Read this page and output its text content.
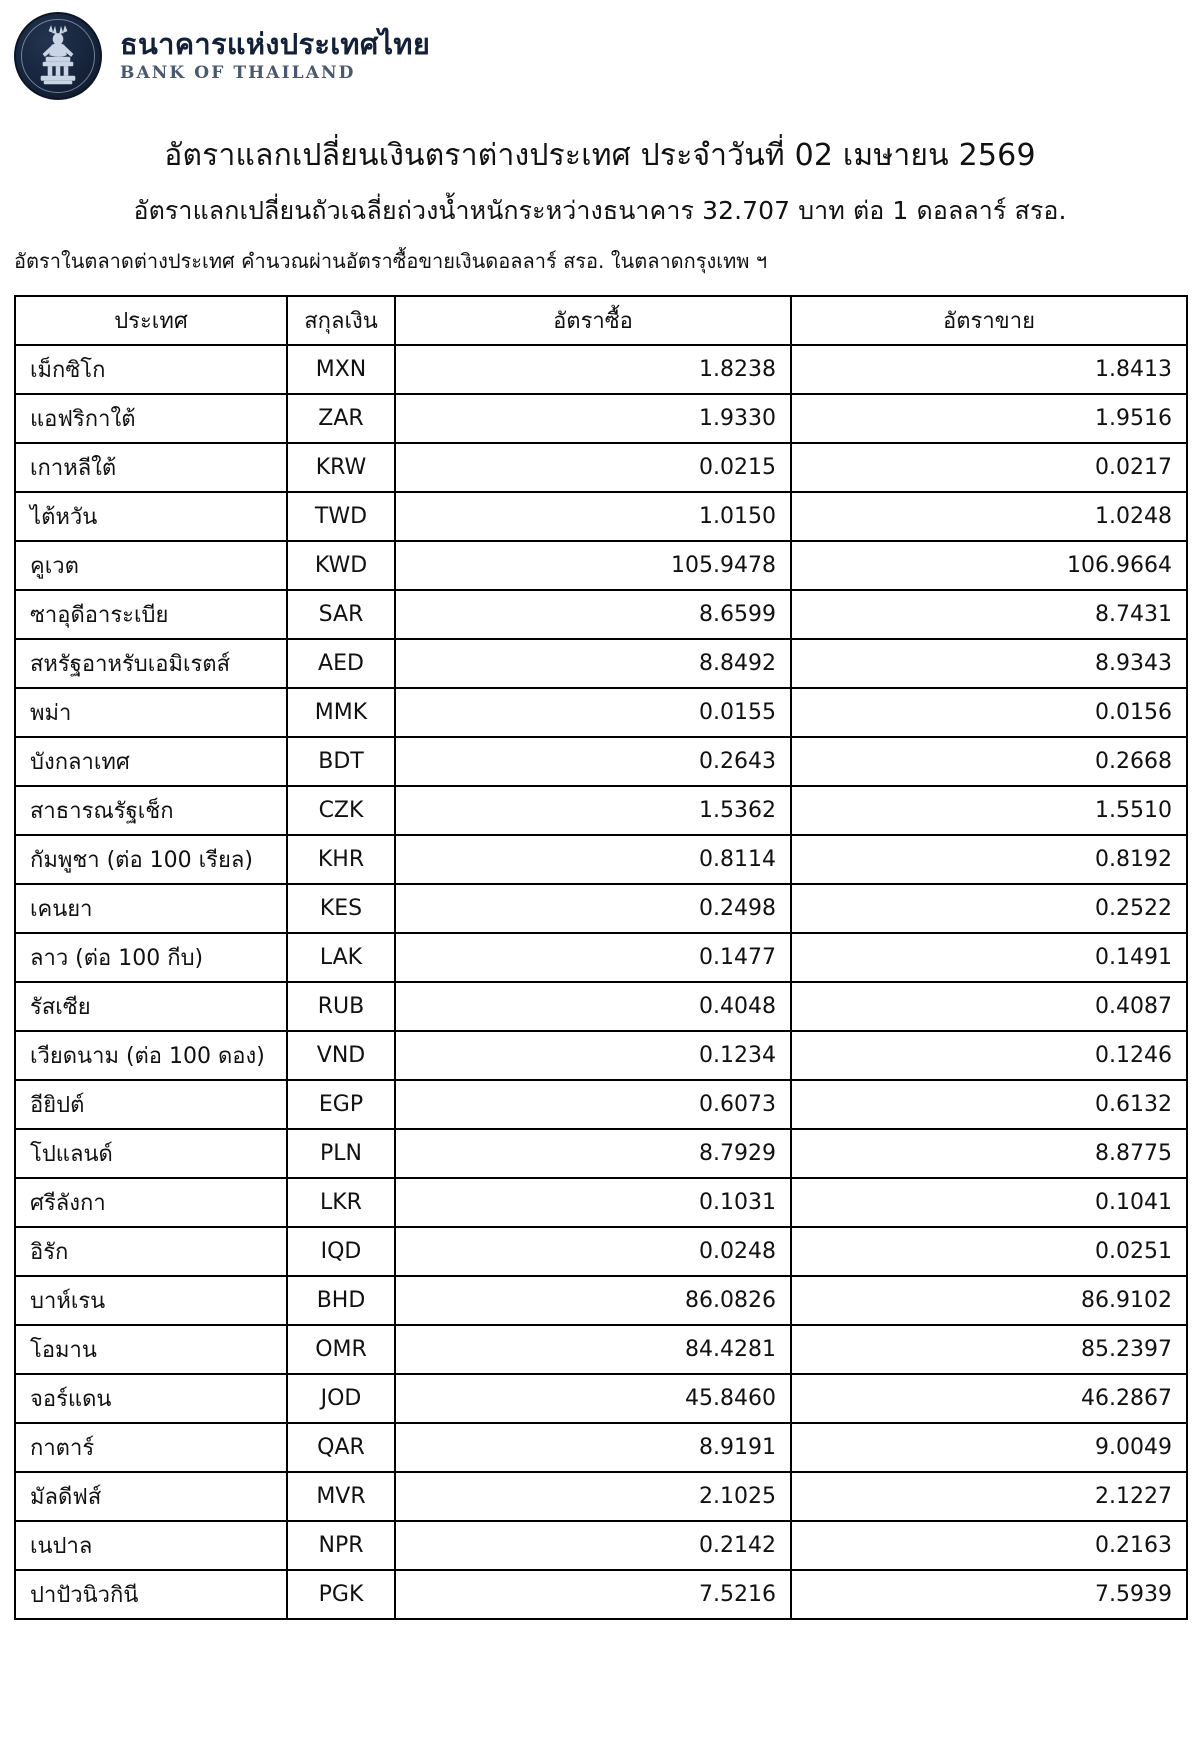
ธนาคารแห่งประเทศไทย
BANK OF THAILAND
อัตราแลกเปลี่ยนเงินตราต่างประเทศ ประจำวันที่ 02 เมษายน 2569
อัตราแลกเปลี่ยนถัวเฉลี่ยถ่วงน้ำหนักระหว่างธนาคาร 32.707 บาท ต่อ 1 ดอลลาร์ สรอ.
อัตราในตลาดต่างประเทศ คำนวณผ่านอัตราซื้อขายเงินดอลลาร์ สรอ. ในตลาดกรุงเทพ ฯ
ประเทศ	สกุลเงิน	อัตราซื้อ	อัตราขาย
เม็กซิโก	MXN	1.8238	1.8413
แอฟริกาใต้	ZAR	1.9330	1.9516
เกาหลีใต้	KRW	0.0215	0.0217
ไต้หวัน	TWD	1.0150	1.0248
คูเวต	KWD	105.9478	106.9664
ซาอุดีอาระเบีย	SAR	8.6599	8.7431
สหรัฐอาหรับเอมิเรตส์	AED	8.8492	8.9343
พม่า	MMK	0.0155	0.0156
บังกลาเทศ	BDT	0.2643	0.2668
สาธารณรัฐเช็ก	CZK	1.5362	1.5510
กัมพูชา (ต่อ 100 เรียล)	KHR	0.8114	0.8192
เคนยา	KES	0.2498	0.2522
ลาว (ต่อ 100 กีบ)	LAK	0.1477	0.1491
รัสเซีย	RUB	0.4048	0.4087
เวียดนาม (ต่อ 100 ดอง)	VND	0.1234	0.1246
อียิปต์	EGP	0.6073	0.6132
โปแลนด์	PLN	8.7929	8.8775
ศรีลังกา	LKR	0.1031	0.1041
อิรัก	IQD	0.0248	0.0251
บาห์เรน	BHD	86.0826	86.9102
โอมาน	OMR	84.4281	85.2397
จอร์แดน	JOD	45.8460	46.2867
กาตาร์	QAR	8.9191	9.0049
มัลดีฟส์	MVR	2.1025	2.1227
เนปาล	NPR	0.2142	0.2163
ปาปัวนิวกินี	PGK	7.5216	7.5939
